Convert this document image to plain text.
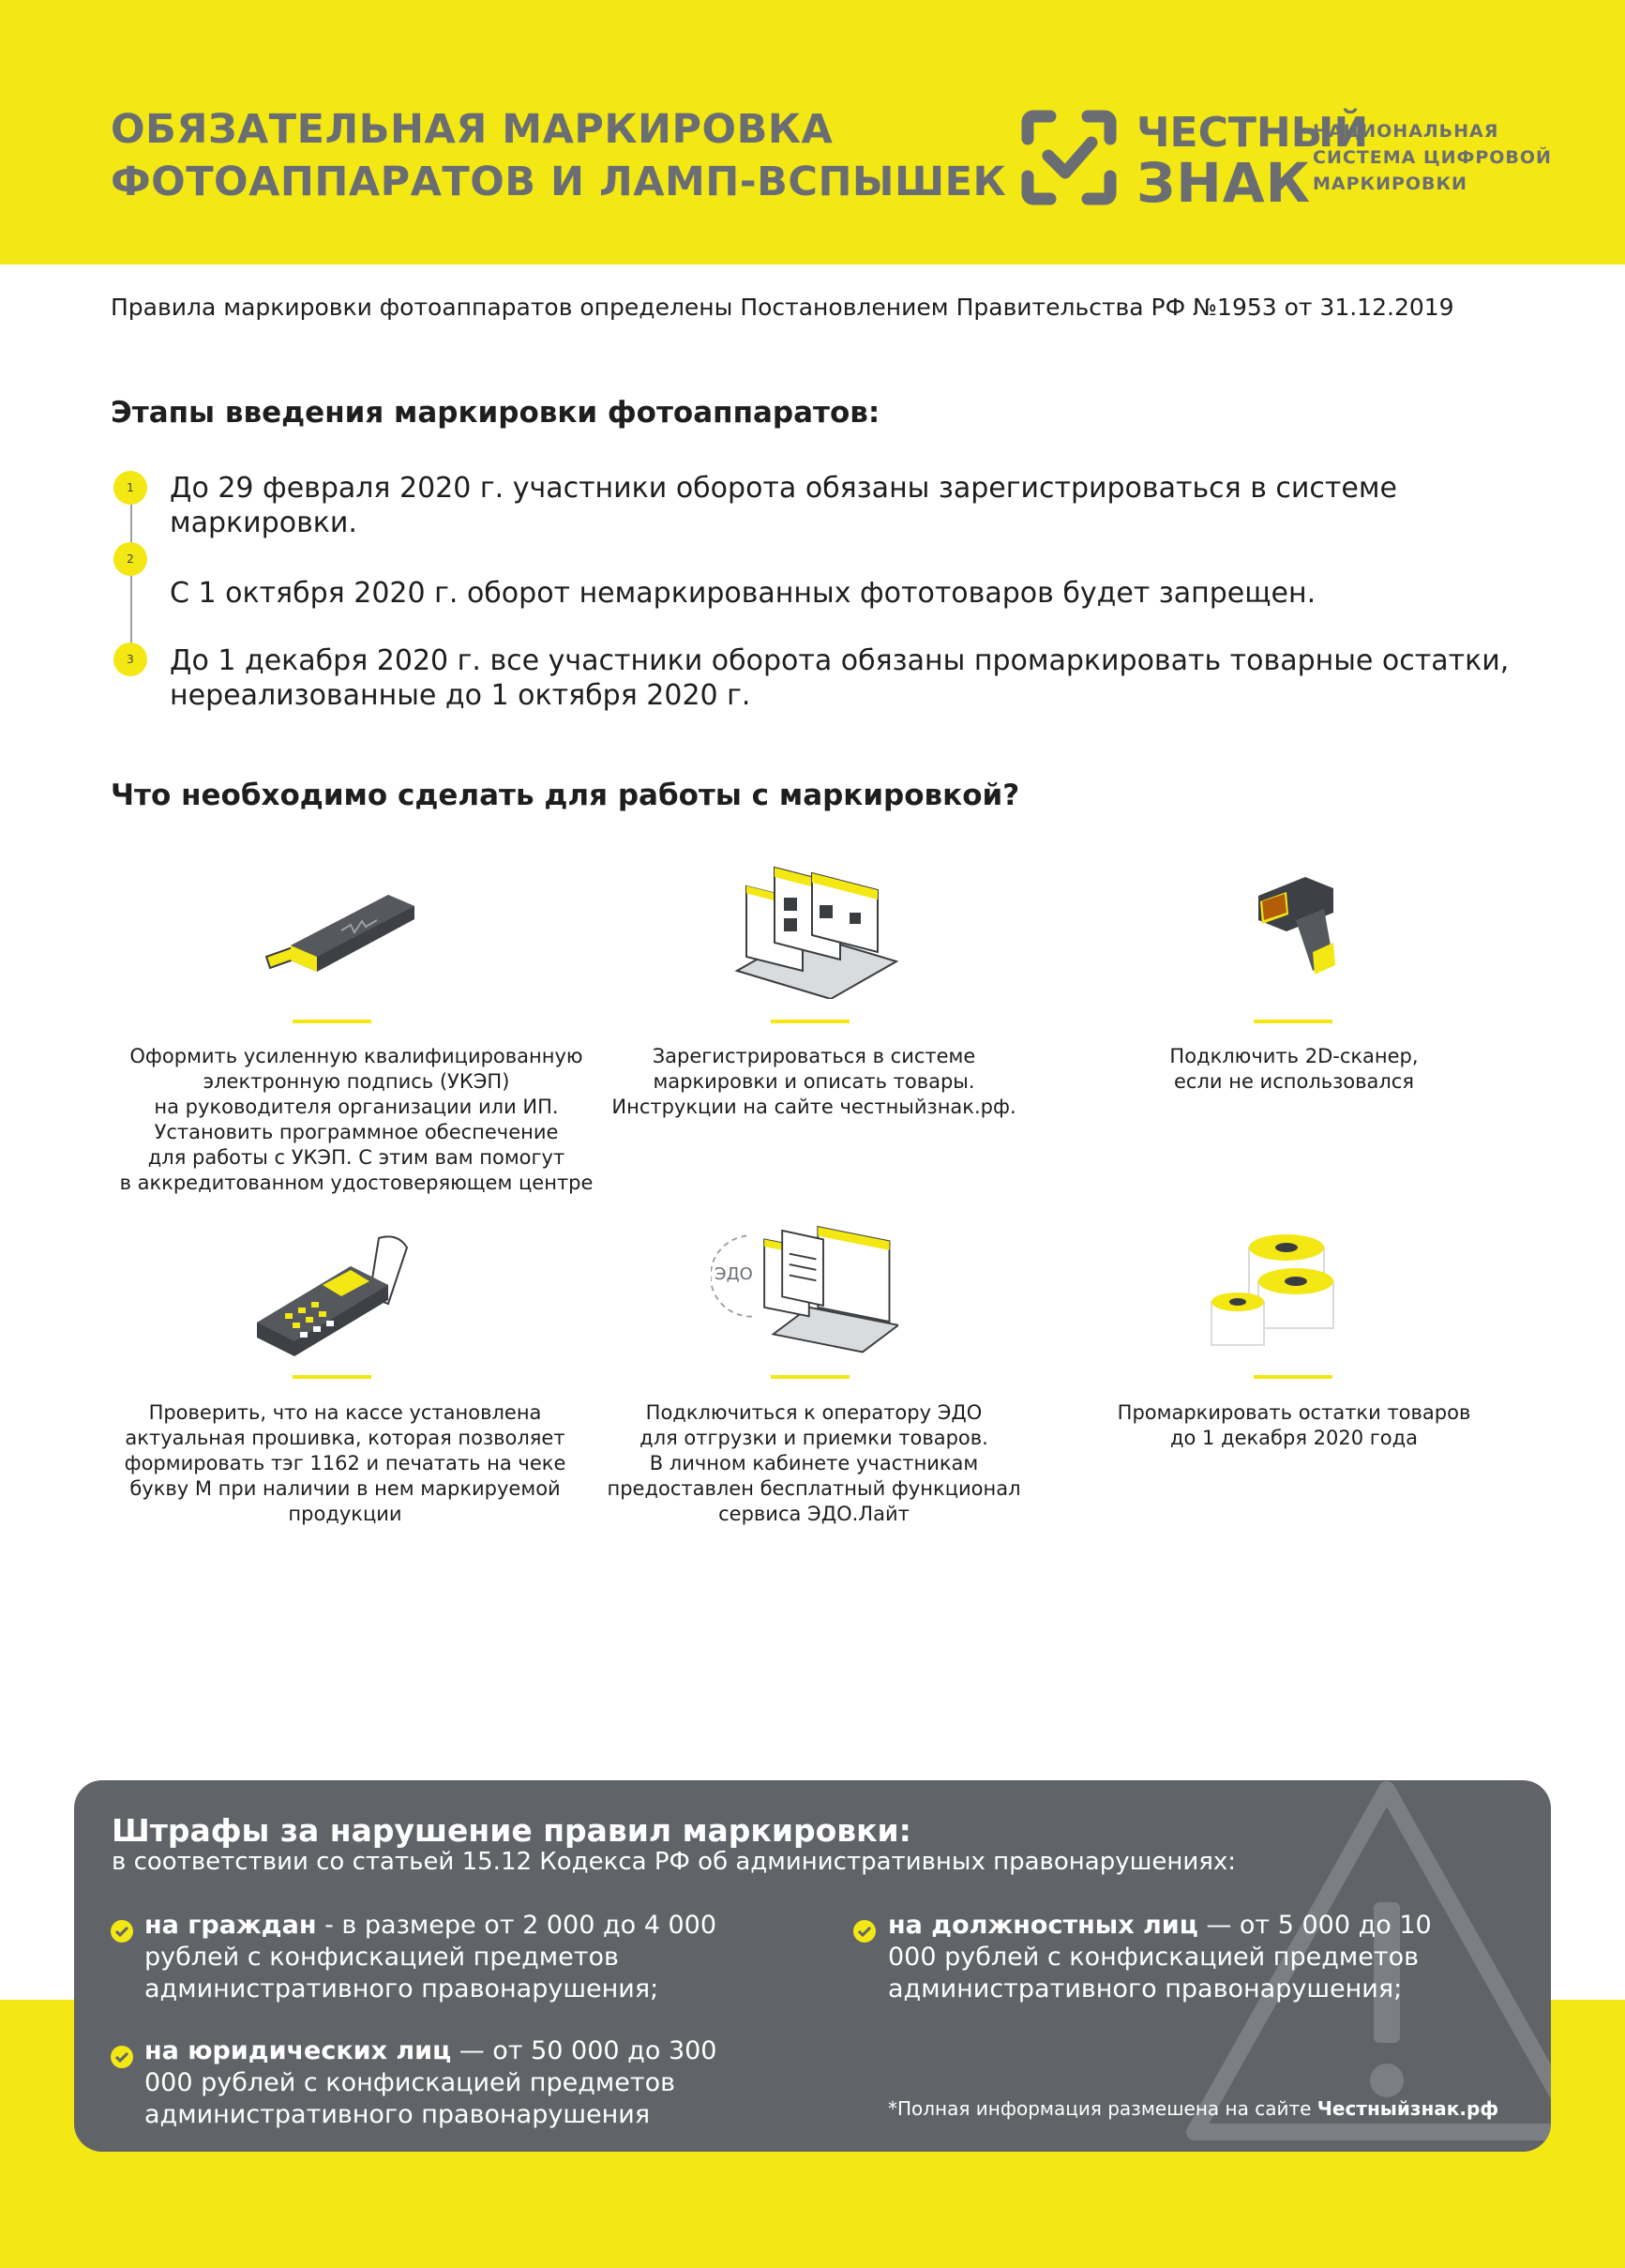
ОБЯЗАТЕЛЬНАЯ МАРКИРОВКА
ФОТОАППАРАТОВ И ЛАМП-ВСПЫШЕК
ЧЕСТНЫЙ
ЗНАК
НАЦИОНАЛЬНАЯ
СИСТЕМА ЦИФРОВОЙ
МАРКИРОВКИ
Правила маркировки фотоаппаратов определены Постановлением Правительства РФ №1953 от 31.12.2019
Этапы введения маркировки фотоаппаратов:
1	До 29 февраля 2020 г. участники оборота обязаны зарегистрироваться в системе маркировки.
2
С 1 октября 2020 г. оборот немаркированных фототоваров будет запрещен.
3	До 1 декабря 2020 г. все участники оборота обязаны промаркировать товарные остатки, нереализованные до 1 октября 2020 г.
Что необходимо сделать для работы с маркировкой?
Оформить усиленную квалифицированную
электронную подпись (УКЭП)
на руководителя организации или ИП.
Установить программное обеспечение
для работы с УКЭП. С этим вам помогут
в аккредитованном удостоверяющем центре
Зарегистрироваться в системе
маркировки и описать товары.
Инструкции на сайте честныйзнак.рф.
Подключить 2D-сканер,
если не использовался
Проверить, что на кассе установлена
актуальная прошивка, которая позволяет
формировать тэг 1162 и печатать на чеке
букву М при наличии в нем маркируемой
продукции
ЭДО
Подключиться к оператору ЭДО
для отгрузки и приемки товаров.
В личном кабинете участникам
предоставлен бесплатный функционал
сервиса ЭДО.Лайт
Промаркировать остатки товаров
до 1 декабря 2020 года
Штрафы за нарушение правил маркировки:
в соответствии со статьей 15.12 Кодекса РФ об административных правонарушениях:
на граждан - в размере от 2 000 до 4 000 рублей с конфискацией предметов административного правонарушения;
на юридических лиц — от 50 000 до 300 000 рублей с конфискацией предметов административного правонарушения
на должностных лиц — от 5 000 до 10 000 рублей с конфискацией предметов административного правонарушения;
*Полная информация размешена на сайте Честныйзнак.рф
